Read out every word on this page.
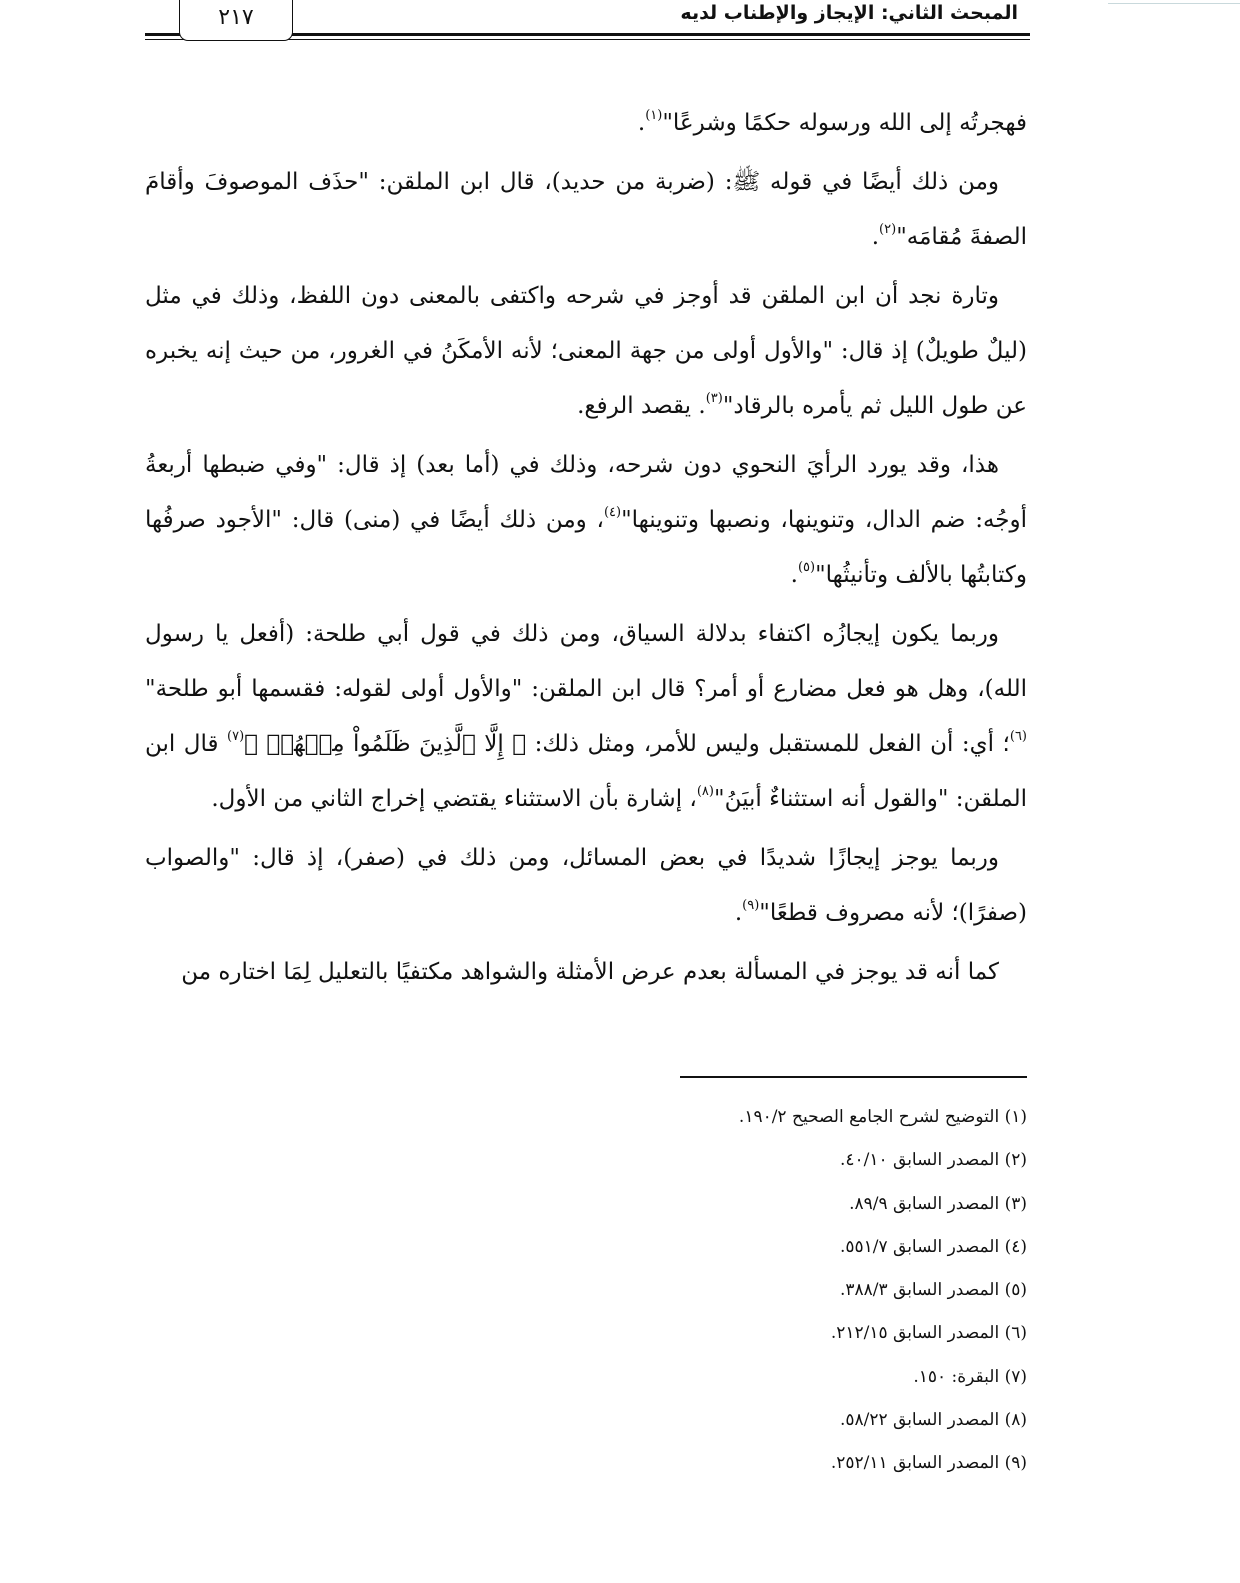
المبحث الثاني: الإيجاز والإطناب لديه
٢١٧

فهجرتُه إلى الله ورسوله حكمًا وشرعًا"$^{(١)}$.

ومن ذلك أيضًا في قوله ﷺ: (ضربة من حديد)، قال ابن الملقن: "حذَف الموصوفَ وأقامَ الصفةَ مُقامَه"$^{(٢)}$.

وتارة نجد أن ابن الملقن قد أوجز في شرحه واكتفى بالمعنى دون اللفظ، وذلك في مثل (ليلٌ طويلٌ) إذ قال: "والأول أولى من جهة المعنى؛ لأنه الأمكَنُ في الغرور، من حيث إنه يخبره عن طول الليل ثم يأمره بالرقاد"$^{(٣)}$. يقصد الرفع.

هذا، وقد يورد الرأيَ النحوي دون شرحه، وذلك في (أما بعد) إذ قال: "وفي ضبطها أربعةُ أوجُه: ضم الدال، وتنوينها، ونصبها وتنوينها"$^{(٤)}$، ومن ذلك أيضًا في (منى) قال: "الأجود صرفُها وكتابتُها بالألف وتأنيثُها"$^{(٥)}$.

وربما يكون إيجازُه اكتفاء بدلالة السياق، ومن ذلك في قول أبي طلحة: (أفعل يا رسول الله)، وهل هو فعل مضارع أو أمر؟ قال ابن الملقن: "والأول أولى لقوله: فقسمها أبو طلحة"$^{(٦)}$؛ أي: أن الفعل للمستقبل وليس للأمر، ومثل ذلك: ﴿ إِلَّا ٱلَّذِينَ ظَلَمُواْ مِنۡهُمۡ ﴾$^{(٧)}$ قال ابن الملقن: "والقول أنه استثناءٌ أبيَنُ"$^{(٨)}$، إشارة بأن الاستثناء يقتضي إخراج الثاني من الأول.

وربما يوجز إيجازًا شديدًا في بعض المسائل، ومن ذلك في (صفر)، إذ قال: "والصواب (صفرًا)؛ لأنه مصروف قطعًا"$^{(٩)}$.

كما أنه قد يوجز في المسألة بعدم عرض الأمثلة والشواهد مكتفيًا بالتعليل لِمَا اختاره من

(١) التوضيح لشرح الجامع الصحيح ١٩٠/٢.

(٢) المصدر السابق ٤٠/١٠.

(٣) المصدر السابق ٨٩/٩.

(٤) المصدر السابق ٥٥١/٧.

(٥) المصدر السابق ٣٨٨/٣.

(٦) المصدر السابق ٢١٢/١٥.

(٧) البقرة: ١٥٠.

(٨) المصدر السابق ٥٨/٢٢.

(٩) المصدر السابق ٢٥٢/١١.
